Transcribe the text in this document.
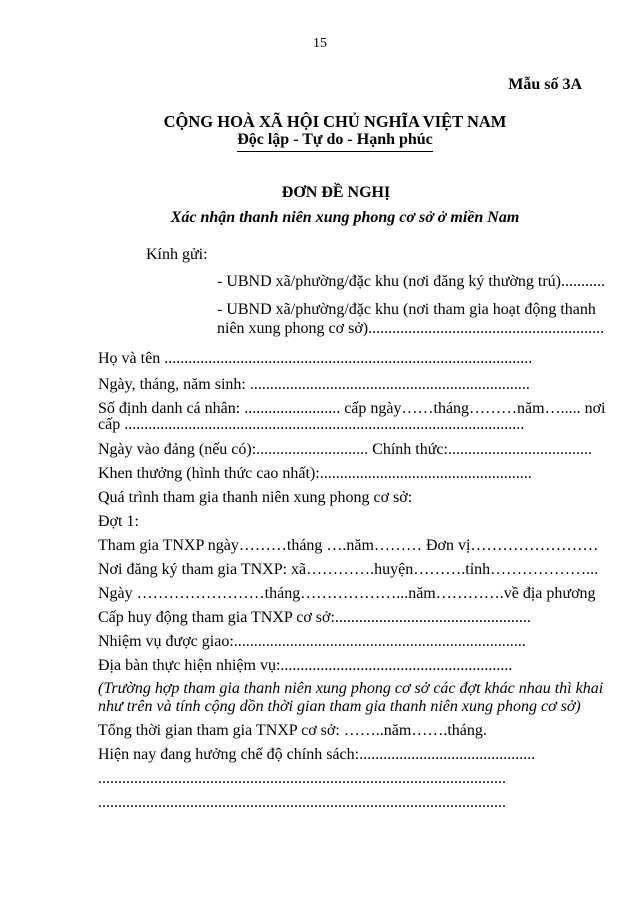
15
Mẫu số 3A
CỘNG HOÀ XÃ HỘI CHỦ NGHĨA VIỆT NAM
Độc lập - Tự do - Hạnh phúc
ĐƠN ĐỀ NGHỊ
Xác nhận thanh niên xung phong cơ sở ở miền Nam
Kính gửi:
- UBND xã/phường/đặc khu (nơi đăng ký thường trú)...........
- UBND xã/phường/đặc khu (nơi tham gia hoạt động thanh
niên xung phong cơ sở)...........................................................
Họ và tên ............................................................................................
Ngày, tháng, năm sinh: ......................................................................
Số định danh cá nhân: ........................ cấp ngày……tháng………năm…..... nơi
cấp ....................................................................................................
Ngày vào đảng (nếu có):............................ Chính thức:....................................
Khen thưởng (hình thức cao nhất):.....................................................
Quá trình tham gia thanh niên xung phong cơ sở:
Đợt 1:
Tham gia TNXP ngày………tháng ….năm……… Đơn vị……………………
Nơi đăng ký tham gia TNXP: xã………….huyện……….tỉnh………………...
Ngày ……………………tháng………………...năm………….về địa phương
Cấp huy động tham gia TNXP cơ sở:.................................................
Nhiệm vụ được giao:.........................................................................
Địa bàn thực hiện nhiệm vụ:..........................................................
(Trường hợp tham gia thanh niên xung phong cơ sở các đợt khác nhau thì khai
như trên và tính cộng dồn thời gian tham gia thanh niên xung phong cơ sở)
Tổng thời gian tham gia TNXP cơ sở: ……..năm…….tháng.
Hiện nay đang hưởng chế độ chính sách:............................................
......................................................................................................
......................................................................................................
